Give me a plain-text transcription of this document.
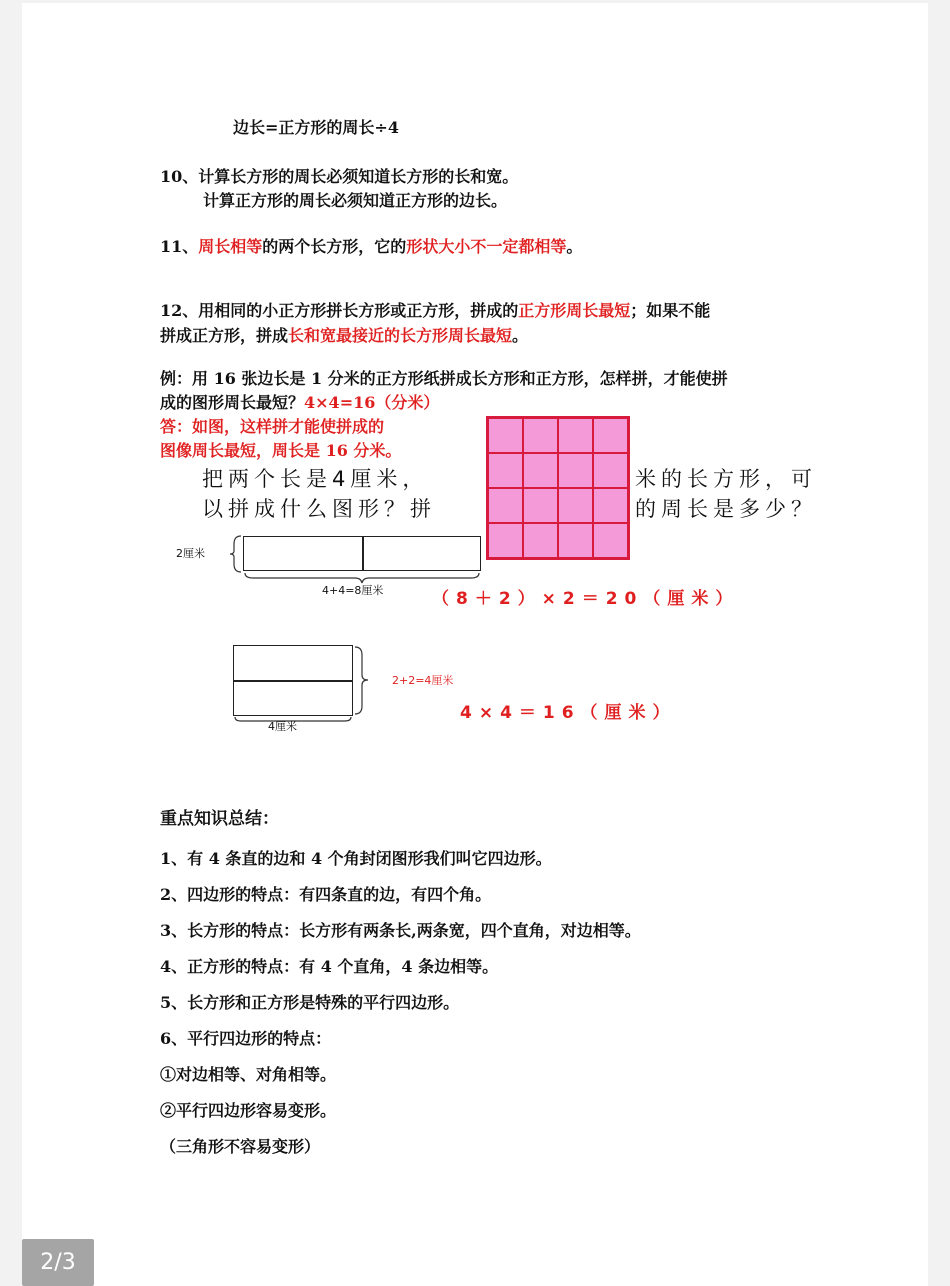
边长=正方形的周长÷4
10、计算长方形的周长必须知道长方形的长和宽。
计算正方形的周长必须知道正方形的边长。
11、周长相等的两个长方形，它的形状大小不一定都相等。
12、用相同的小正方形拼长方形或正方形，拼成的正方形周长最短；如果不能
拼成正方形，拼成长和宽最接近的长方形周长最短。
例：用 16 张边长是 1 分米的正方形纸拼成长方形和正方形，怎样拼，才能使拼
成的图形周长最短？4×4=16（分米）
答：如图，这样拼才能使拼成的
图像周长最短，周长是 16 分米。
把两个长是4厘米，	米的长方形，可
以拼成什么图形？拼	的周长是多少？
2厘米
4+4=8厘米	（8＋2）×2＝20（厘米）
2+2=4厘米
4厘米
4×4＝16（厘米）
重点知识总结：
1、有 4 条直的边和 4 个角封闭图形我们叫它四边形。
2、四边形的特点：有四条直的边，有四个角。
3、长方形的特点：长方形有两条长,两条宽，四个直角，对边相等。
4、正方形的特点：有 4 个直角，4 条边相等。
5、长方形和正方形是特殊的平行四边形。
6、平行四边形的特点：
①对边相等、对角相等。
②平行四边形容易变形。
（三角形不容易变形）
2/3
